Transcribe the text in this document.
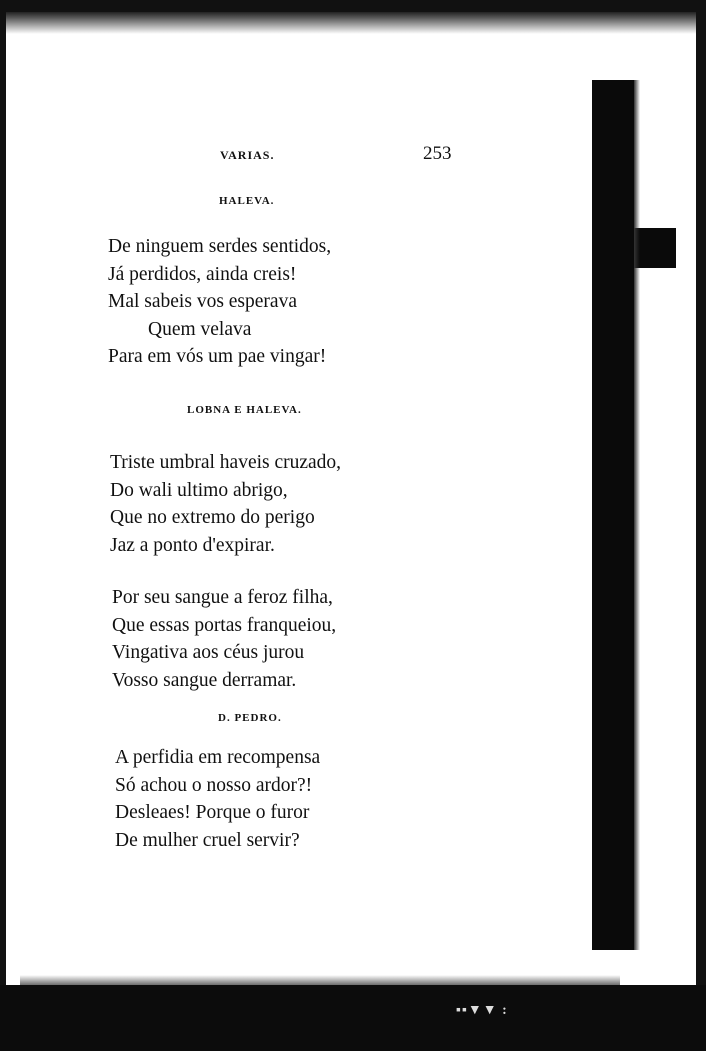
VARIAS.	253
HALEVA.
De ninguem serdes sentidos,
Já perdidos, ainda creis!
Mal sabeis vos esperava
Quem velava
Para em vós um pae vingar!
LOBNA E HALEVA.
Triste umbral haveis cruzado,
Do wali ultimo abrigo,
Que no extremo do perigo
Jaz a ponto d'expirar.
Por seu sangue a feroz filha,
Que essas portas franqueiou,
Vingativa aos céus jurou
Vosso sangue derramar.
D. PEDRO.
A perfidia em recompensa
Só achou o nosso ardor?!
Desleaes! Porque o furor
De mulher cruel servir?
▪▪▼▼ :
